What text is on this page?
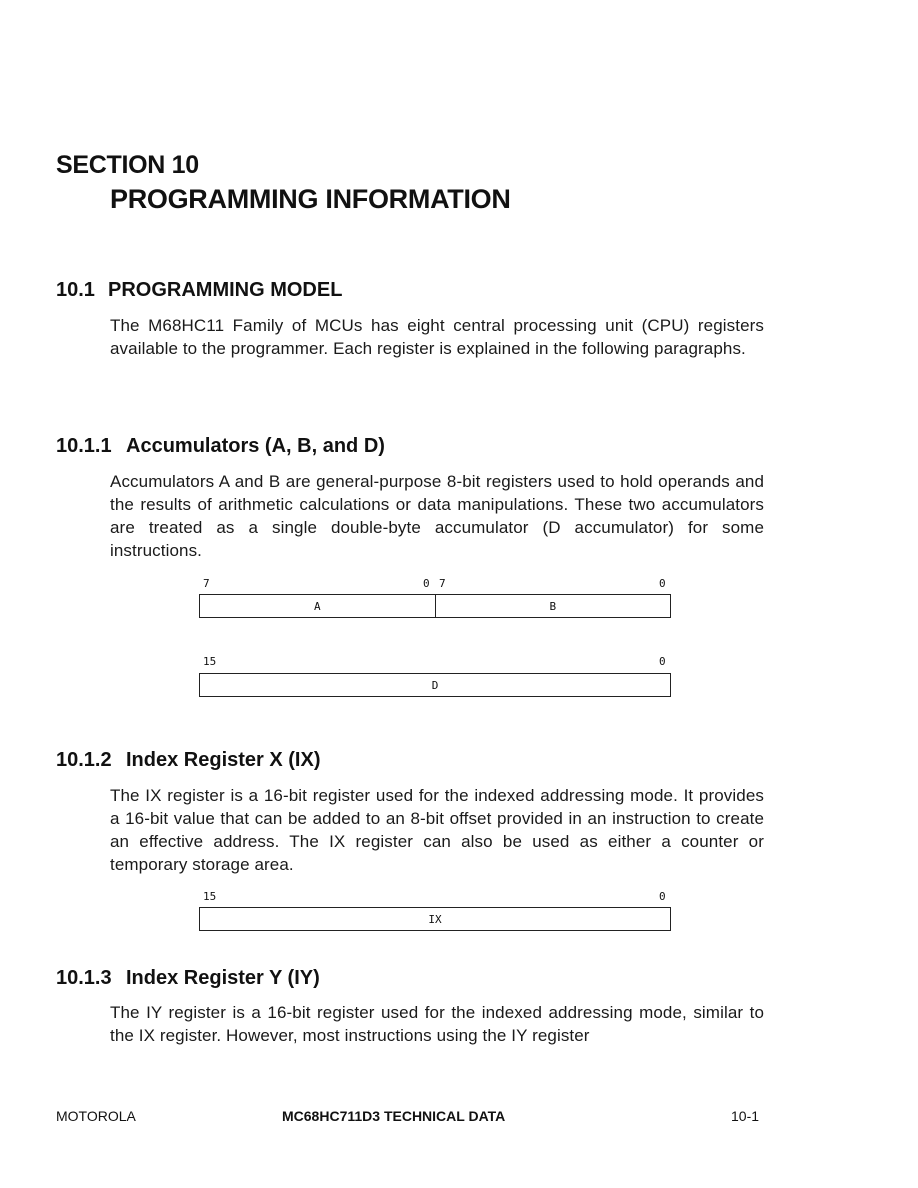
SECTION 10
PROGRAMMING INFORMATION
10.1 PROGRAMMING MODEL
The M68HC11 Family of MCUs has eight central processing unit (CPU) registers available to the programmer. Each register is explained in the following paragraphs.
10.1.1 Accumulators (A, B, and D)
Accumulators A and B are general-purpose 8-bit registers used to hold operands and the results of arithmetic calculations or data manipulations. These two accumulators are treated as a single double-byte accumulator (D accumulator) for some instructions.
7	0 7	0
A	B
15	0
D
10.1.2 Index Register X (IX)
The IX register is a 16-bit register used for the indexed addressing mode. It provides a 16-bit value that can be added to an 8-bit offset provided in an instruction to create an effective address. The IX register can also be used as either a counter or temporary storage area.
15	0
IX
10.1.3 Index Register Y (IY)
The IY register is a 16-bit register used for the indexed addressing mode, similar to the IX register. However, most instructions using the IY register
MOTOROLA	MC68HC711D3 TECHNICAL DATA	10-1
